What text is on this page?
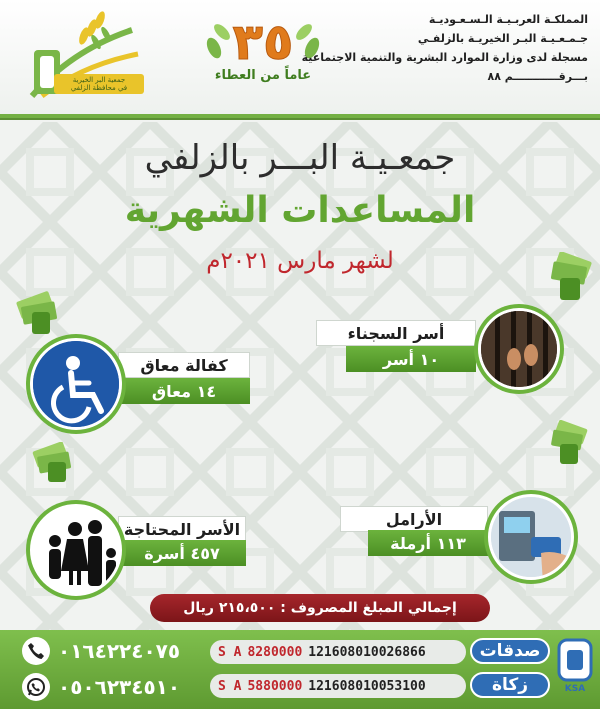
جمعية البر الخيرية
في محافظة الزلفي
٣٥
عاماً من العطاء
المملكـة العربـيـة الـسـعـوديـة
جـمـعـيـة البـر الخيريـة بالزلفـي
مسجلة لدى وزارة الموارد البشرية والتنمية الاجتماعية
بـــرقــــــــــــم ٨٨
جمعـيـة البـــر بالزلفي
المساعدات الشهرية
لشهر مارس ٢٠٢١م
أسر السجناء
١٠ أسر
كفالة معاق
١٤ معاق
الأرامل
١١٣ أرملة
الأسر المحتاجة
٤٥٧ أسرة
إجمالي المبلغ المصروف : ٢١٥،٥٠٠ ريال
٠١٦٤٢٢٤٠٧٥
٠٥٠٦٢٣٤٥١٠
S A 8280000 121608010026866
S A 5880000 121608010053100
صدقات
زكاة	KSA
